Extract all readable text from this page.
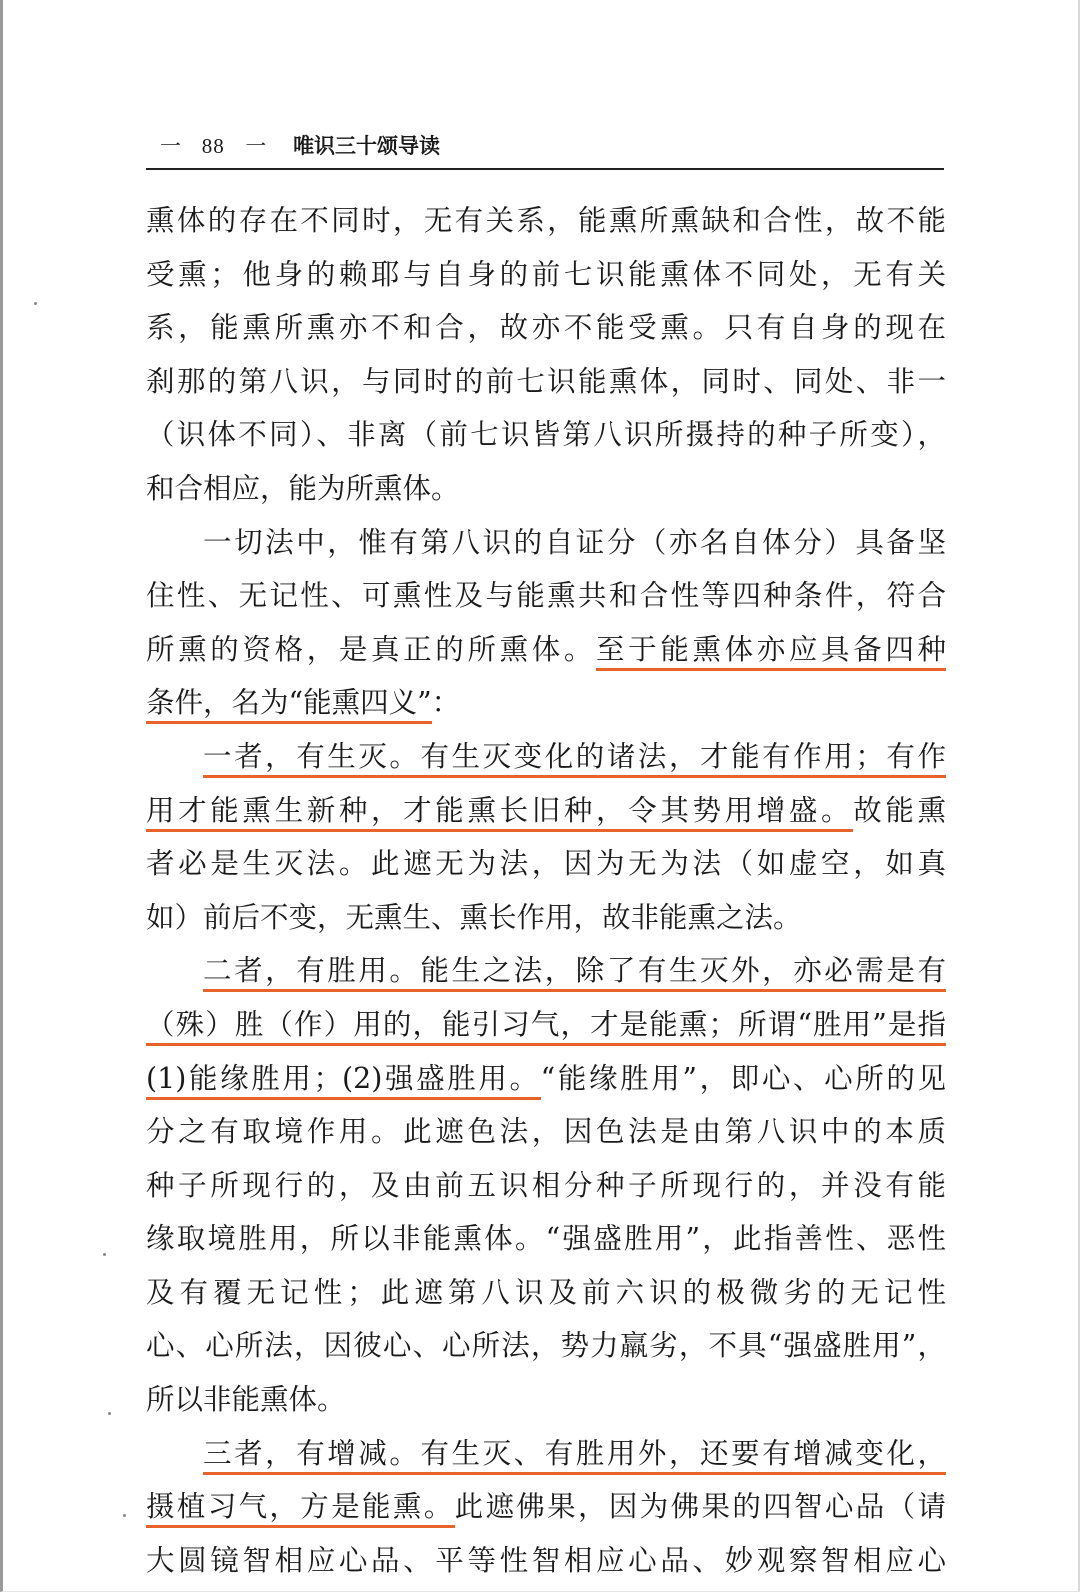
一 88 一 唯识三十颂导读
熏体的存在不同时，无有关系，能熏所熏缺和合性，故不能
受熏；他身的赖耶与自身的前七识能熏体不同处，无有关
系，能熏所熏亦不和合，故亦不能受熏。只有自身的现在
刹那的第八识，与同时的前七识能熏体，同时、同处、非一
（识体不同）、非离（前七识皆第八识所摄持的种子所变），
和合相应，能为所熏体。
一切法中，惟有第八识的自证分（亦名自体分）具备坚
住性、无记性、可熏性及与能熏共和合性等四种条件，符合
所熏的资格，是真正的所熏体。至于能熏体亦应具备四种
条件，名为“能熏四义”：
一者，有生灭。有生灭变化的诸法，才能有作用；有作
用才能熏生新种，才能熏长旧种，令其势用增盛。故能熏
者必是生灭法。此遮无为法，因为无为法（如虚空，如真
如）前后不变，无熏生、熏长作用，故非能熏之法。
二者，有胜用。能生之法，除了有生灭外，亦必需是有
（殊）胜（作）用的，能引习气，才是能熏；所谓“胜用”是指
(1)能缘胜用；(2)强盛胜用。“能缘胜用”，即心、心所的见
分之有取境作用。此遮色法，因色法是由第八识中的本质
种子所现行的，及由前五识相分种子所现行的，并没有能
缘取境胜用，所以非能熏体。“强盛胜用”，此指善性、恶性
及有覆无记性；此遮第八识及前六识的极微劣的无记性
心、心所法，因彼心、心所法，势力羸劣，不具“强盛胜用”，
所以非能熏体。
三者，有增减。有生灭、有胜用外，还要有增减变化，
摄植习气，方是能熏。此遮佛果，因为佛果的四智心品（请
大圆镜智相应心品、平等性智相应心品、妙观察智相应心
